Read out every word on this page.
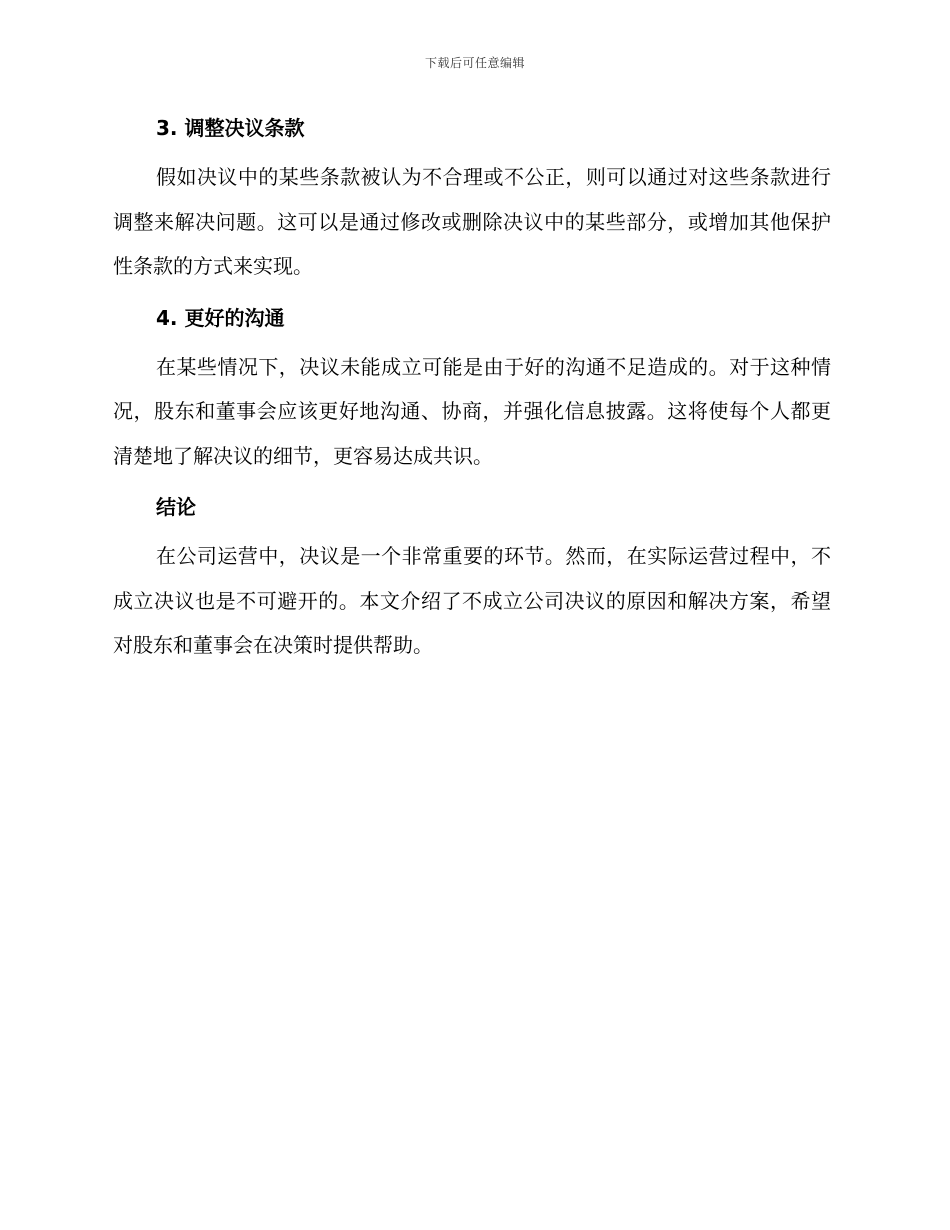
下载后可任意编辑
3. 调整决议条款

假如决议中的某些条款被认为不合理或不公正，则可以通过对这些条款进行调整来解决问题。这可以是通过修改或删除决议中的某些部分，或增加其他保护性条款的方式来实现。

4. 更好的沟通

在某些情况下，决议未能成立可能是由于好的沟通不足造成的。对于这种情况，股东和董事会应该更好地沟通、协商，并强化信息披露。这将使每个人都更清楚地了解决议的细节，更容易达成共识。

结论

在公司运营中，决议是一个非常重要的环节。然而，在实际运营过程中，不成立决议也是不可避开的。本文介绍了不成立公司决议的原因和解决方案，希望对股东和董事会在决策时提供帮助。
